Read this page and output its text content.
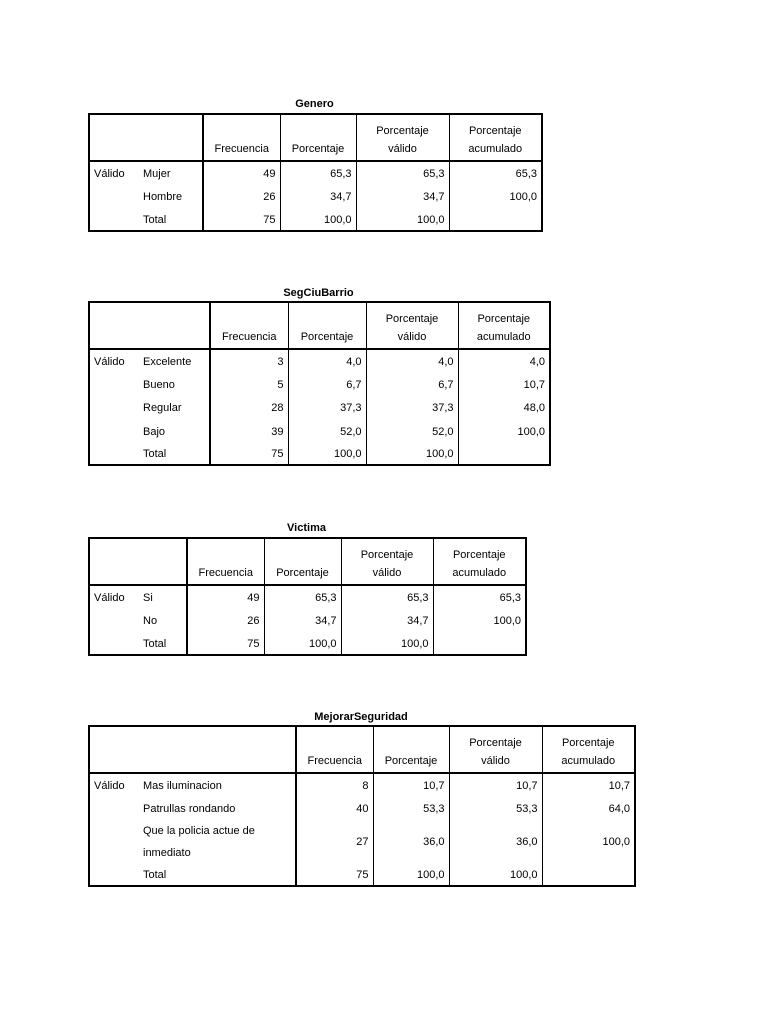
Genero
				Porcentaje	Porcentaje
		Frecuencia	Porcentaje	válido	acumulado
Válido	Mujer	49	65,3	65,3	65,3
	Hombre	26	34,7	34,7	100,0
	Total	75	100,0	100,0	
SegCiuBarrio
				Porcentaje	Porcentaje
		Frecuencia	Porcentaje	válido	acumulado
Válido	Excelente	3	4,0	4,0	4,0
	Bueno	5	6,7	6,7	10,7
	Regular	28	37,3	37,3	48,0
	Bajo	39	52,0	52,0	100,0
	Total	75	100,0	100,0	
Victima
				Porcentaje	Porcentaje
		Frecuencia	Porcentaje	válido	acumulado
Válido	Si	49	65,3	65,3	65,3
	No	26	34,7	34,7	100,0
	Total	75	100,0	100,0	
MejorarSeguridad
				Porcentaje	Porcentaje
		Frecuencia	Porcentaje	válido	acumulado
Válido	Mas iluminacion	8	10,7	10,7	10,7
	Patrullas rondando	40	53,3	53,3	64,0
	Que la policia actue de inmediato	27	36,0	36,0	100,0
	Total	75	100,0	100,0	
